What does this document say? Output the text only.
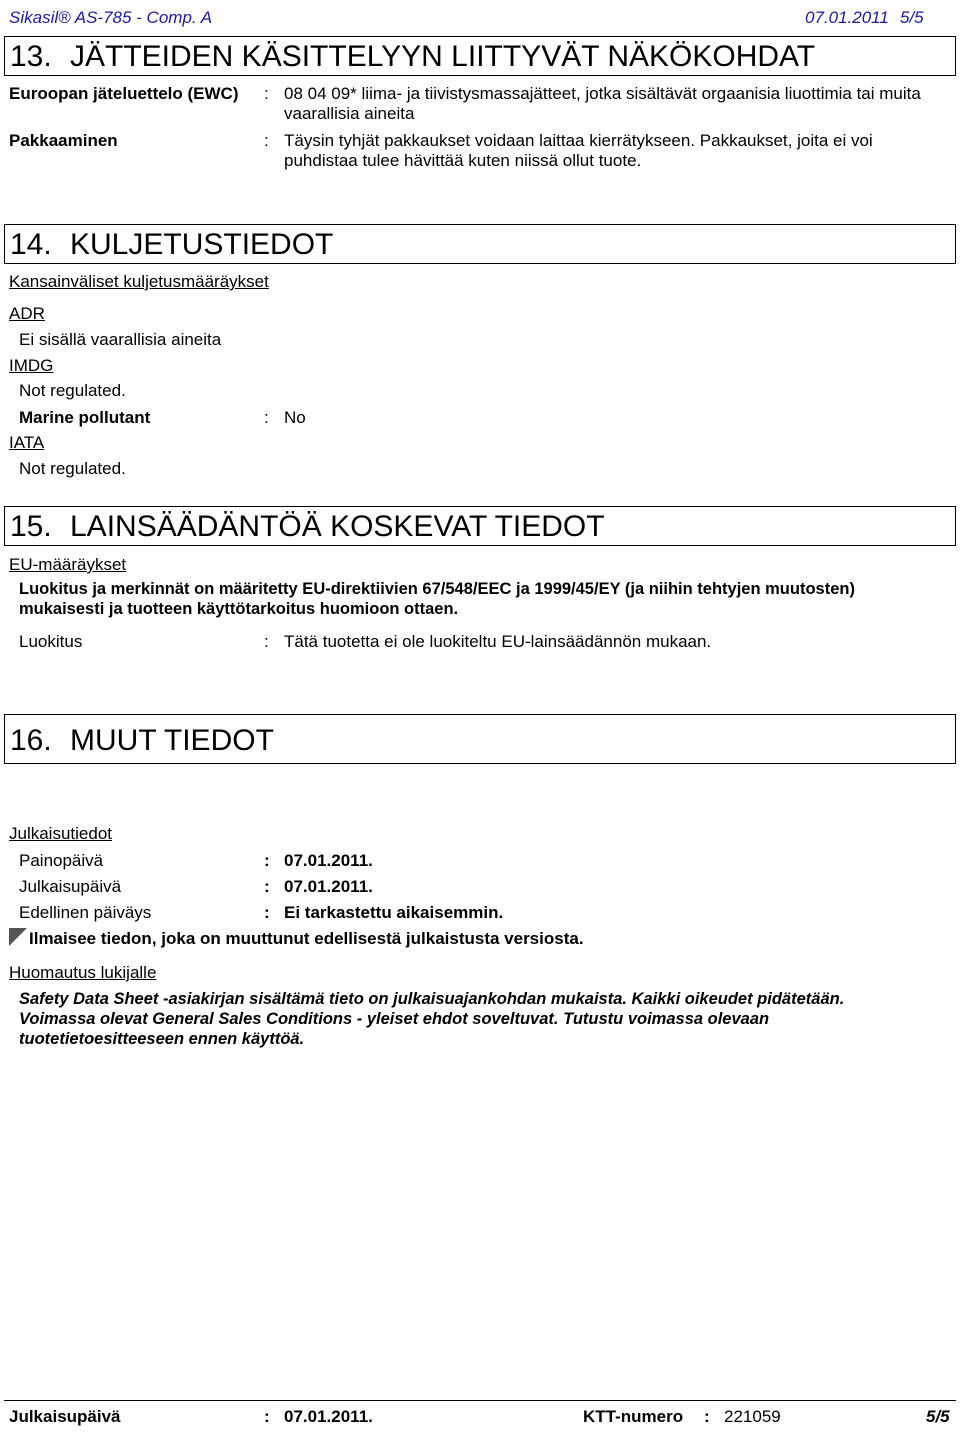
Sikasil® AS-785 - Comp. A	07.01.2011 5/5
13. JÄTTEIDEN KÄSITTELYYN LIITTYVÄT NÄKÖKOHDAT
Euroopan jäteluettelo (EWC) : 08 04 09* liima- ja tiivistysmassajätteet, jotka sisältävät orgaanisia liuottimia tai muita
vaarallisia aineita
Pakkaaminen	: Täysin tyhjät pakkaukset voidaan laittaa kierrätykseen. Pakkaukset, joita ei voi
puhdistaa tulee hävittää kuten niissä ollut tuote.
14. KULJETUSTIEDOT
Kansainväliset kuljetusmääräykset
ADR
Ei sisällä vaarallisia aineita
IMDG
Not regulated.
Marine pollutant	: No
IATA
Not regulated.
15. LAINSÄÄDÄNTÖÄ KOSKEVAT TIEDOT
EU-määräykset
Luokitus ja merkinnät on määritetty EU-direktiivien 67/548/EEC ja 1999/45/EY (ja niihin tehtyjen muutosten)
mukaisesti ja tuotteen käyttötarkoitus huomioon ottaen.
Luokitus	: Tätä tuotetta ei ole luokiteltu EU-lainsäädännön mukaan.
16. MUUT TIEDOT
Julkaisutiedot
Painopäivä	: 07.01.2011.
Julkaisupäivä	: 07.01.2011.
Edellinen päiväys	: Ei tarkastettu aikaisemmin.
Ilmaisee tiedon, joka on muuttunut edellisestä julkaistusta versiosta.
Huomautus lukijalle
Safety Data Sheet -asiakirjan sisältämä tieto on julkaisuajankohdan mukaista. Kaikki oikeudet pidätetään.
Voimassa olevat General Sales Conditions - yleiset ehdot soveltuvat. Tutustu voimassa olevaan
tuotetietoesitteeseen ennen käyttöä.
Julkaisupäivä	: 07.01.2011.	KTT-numero : 221059	5/5
